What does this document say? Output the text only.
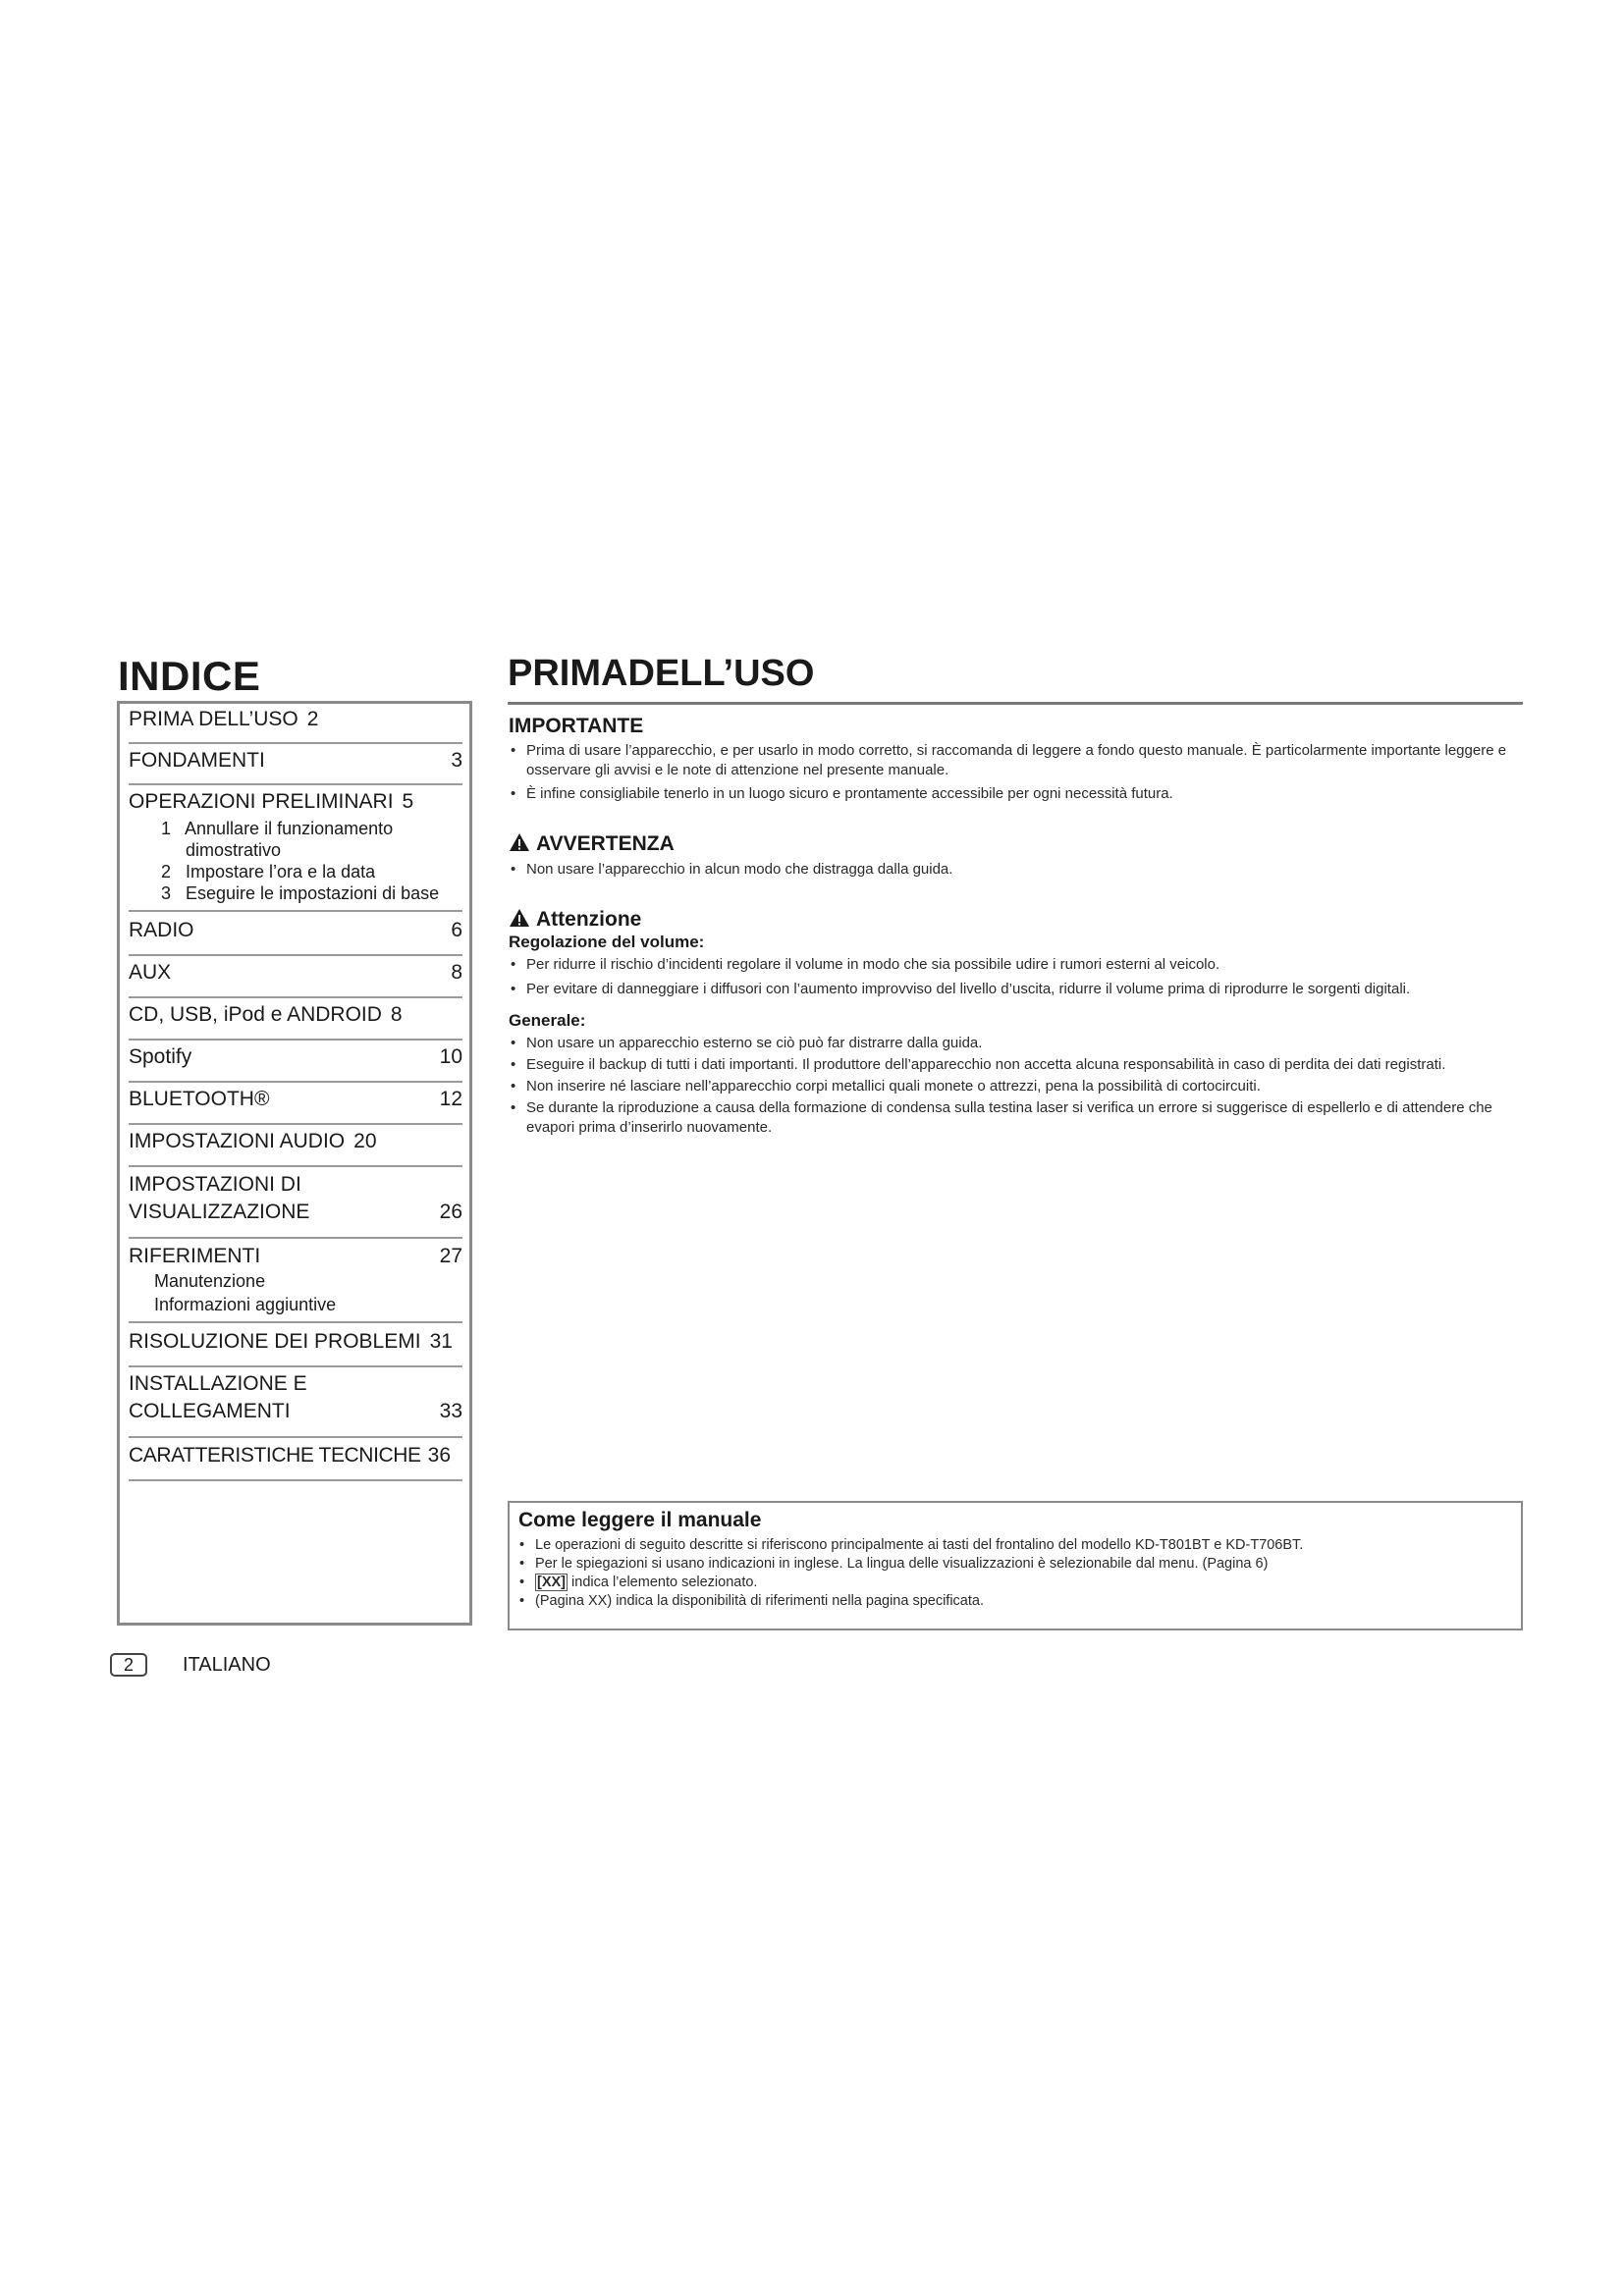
INDICE
PRIMA DELL’USO 2
FONDAMENTI	3
OPERAZIONI PRELIMINARI 5
1 Annullare il funzionamento
dimostrativo
2 Impostare l’ora e la data
3 Eseguire le impostazioni di base
RADIO	6
AUX	8
CD, USB, iPod e ANDROID 8
Spotify	10
BLUETOOTH®	12
IMPOSTAZIONI AUDIO 20
IMPOSTAZIONI DI
VISUALIZZAZIONE	26
RIFERIMENTI	27
Manutenzione
Informazioni aggiuntive
RISOLUZIONE DEI PROBLEMI 31
INSTALLAZIONE E
COLLEGAMENTI	33
CARATTERISTICHE TECNICHE 36
PRIMADELL’USO
IMPORTANTE
• Prima di usare l’apparecchio, e per usarlo in modo corretto, si raccomanda di leggere a fondo questo manuale. È particolarmente importante leggere e osservare gli avvisi e le note di attenzione nel presente manuale.
• È infine consigliabile tenerlo in un luogo sicuro e prontamente accessibile per ogni necessità futura.
AVVERTENZA
• Non usare l’apparecchio in alcun modo che distragga dalla guida.
Attenzione
Regolazione del volume:
• Per ridurre il rischio d’incidenti regolare il volume in modo che sia possibile udire i rumori esterni al veicolo.
• Per evitare di danneggiare i diffusori con l’aumento improvviso del livello d’uscita, ridurre il volume prima di riprodurre le sorgenti digitali.
Generale:
• Non usare un apparecchio esterno se ciò può far distrarre dalla guida.
• Eseguire il backup di tutti i dati importanti. Il produttore dell’apparecchio non accetta alcuna responsabilità in caso di perdita dei dati registrati.
• Non inserire né lasciare nell’apparecchio corpi metallici quali monete o attrezzi, pena la possibilità di cortocircuiti.
• Se durante la riproduzione a causa della formazione di condensa sulla testina laser si verifica un errore si suggerisce di espellerlo e di attendere che evapori prima d’inserirlo nuovamente.
Come leggere il manuale
• Le operazioni di seguito descritte si riferiscono principalmente ai tasti del frontalino del modello KD-T801BT e KD-T706BT.
• Per le spiegazioni si usano indicazioni in inglese. La lingua delle visualizzazioni è selezionabile dal menu. (Pagina 6)
• [XX] indica l’elemento selezionato.
• (Pagina XX) indica la disponibilità di riferimenti nella pagina specificata.
2	ITALIANO
